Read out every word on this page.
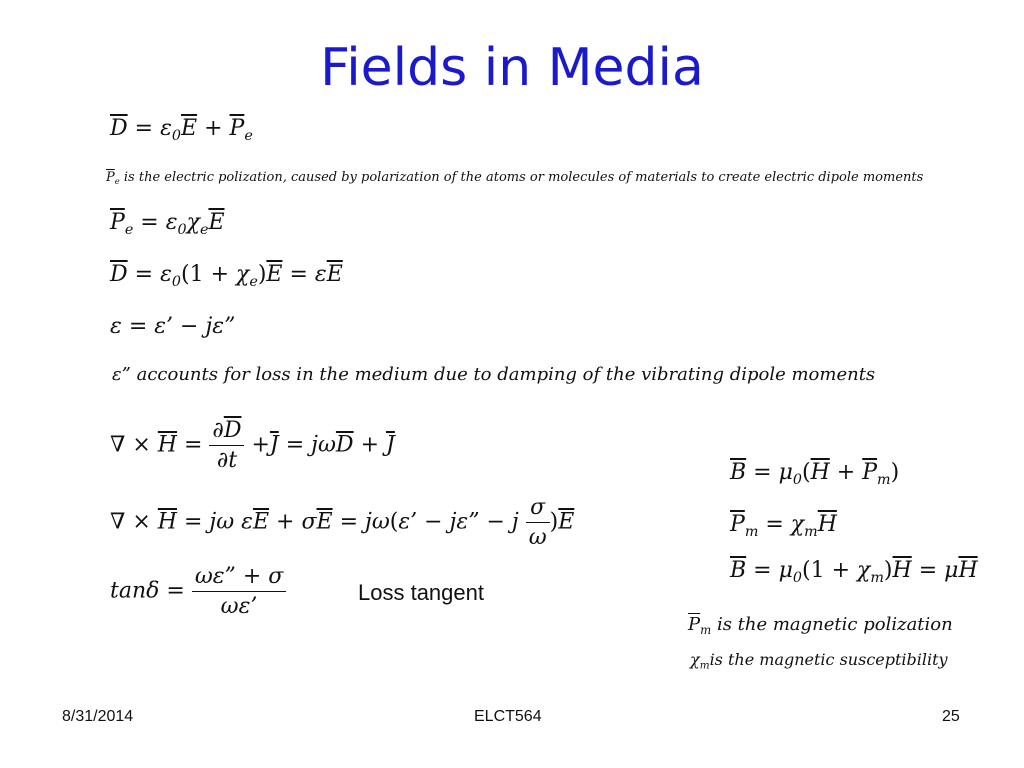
Fields in Media
$\overline{D} = \varepsilon_0\overline{E} + \overline{P}_e$
$\overline{P}_e$ is the electric polization, caused by polarization of the atoms or molecules of materials to create electric dipole moments
$\overline{P}_e = \varepsilon_0\chi_e\overline{E}$
$\overline{D} = \varepsilon_0(1 + \chi_e)\overline{E} = \varepsilon\overline{E}$
ε = ε’ − jε”
ε” accounts for loss in the medium due to damping of the vibrating dipole moments
∇ × $\overline{H} = \frac{\partial\overline{D}}{\partial t} +\overline{J} = j\omega\overline{D} + \overline{J}$
∇ × $\overline{H} = j\omega$ $\varepsilon\overline{E} + \sigma\overline{E} = j\omega(\varepsilon$’ − jε” − j $\frac{\sigma}{\omega} )\overline{E}$
$\tan\delta = \frac{\omega\varepsilon” + \sigma}{\omega\varepsilon’}$	Loss tangent
$\overline{B} = \mu_0(\overline{H} + \overline{P}_m)$
$\overline{P}_m = \chi_m\overline{H}$
$\overline{B} = \mu_0(1 + \chi_m)\overline{H} = \mu\overline{H}$
$\overline{P}_m$ is the magnetic polization
$\chi_mis$ the magnetic susceptibility
8/31/2014	ELCT564	25
